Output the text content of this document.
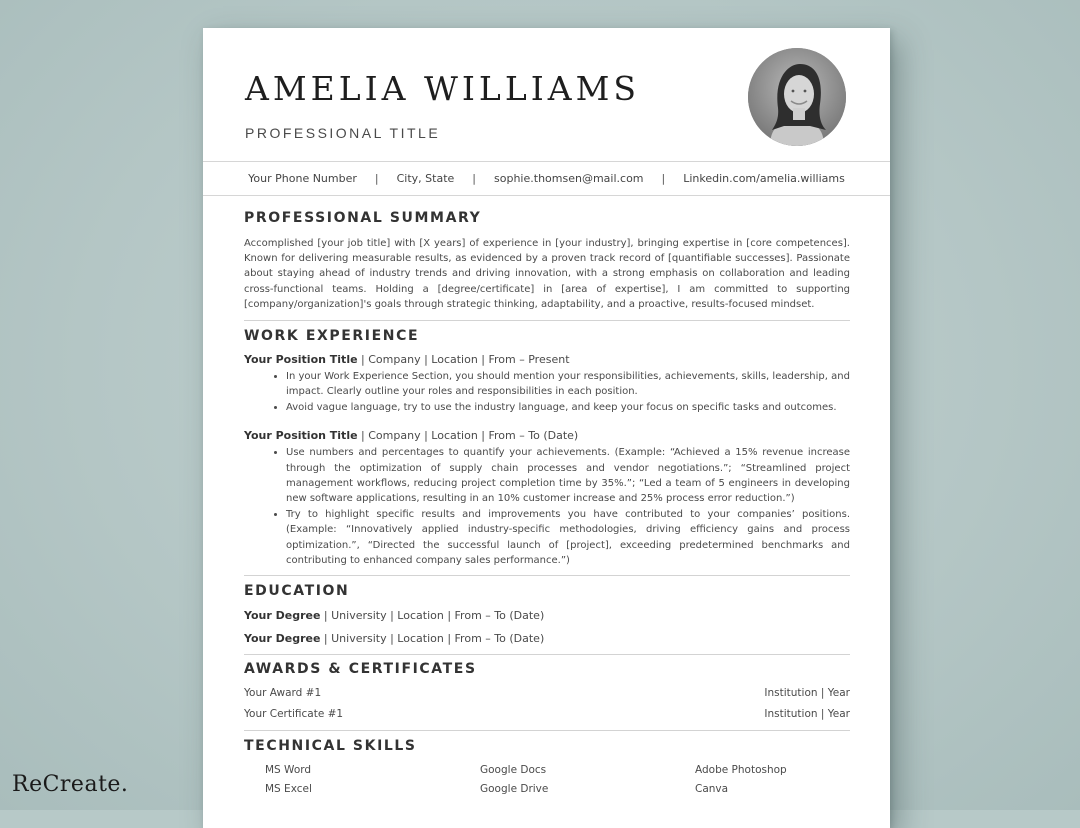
AMELIA WILLIAMS
PROFESSIONAL TITLE
Your Phone Number | City, State | sophie.thomsen@mail.com | Linkedin.com/amelia.williams
PROFESSIONAL SUMMARY

Accomplished [your job title] with [X years] of experience in [your industry], bringing expertise in [core competences]. Known for delivering measurable results, as evidenced by a proven track record of [quantifiable successes]. Passionate about staying ahead of industry trends and driving innovation, with a strong emphasis on collaboration and leading cross-functional teams. Holding a [degree/certificate] in [area of expertise], I am committed to supporting [company/organization]'s goals through strategic thinking, adaptability, and a proactive, results-focused mindset.

WORK EXPERIENCE
Your Position Title | Company | Location | From – Present
• In your Work Experience Section, you should mention your responsibilities, achievements, skills, leadership, and impact. Clearly outline your roles and responsibilities in each position.
• Avoid vague language, try to use the industry language, and keep your focus on specific tasks and outcomes.
Your Position Title | Company | Location | From – To (Date)
• Use numbers and percentages to quantify your achievements. (Example: “Achieved a 15% revenue increase through the optimization of supply chain processes and vendor negotiations.”; “Streamlined project management workflows, reducing project completion time by 35%.”; “Led a team of 5 engineers in developing new software applications, resulting in an 10% customer increase and 25% process error reduction.”)
• Try to highlight specific results and improvements you have contributed to your companies’ positions. (Example: “Innovatively applied industry-specific methodologies, driving efficiency gains and process optimization.”, “Directed the successful launch of [project], exceeding predetermined benchmarks and contributing to enhanced company sales performance.”)
EDUCATION
Your Degree | University | Location | From – To (Date)
Your Degree | University | Location | From – To (Date)
AWARDS & CERTIFICATES
Your Award #1	Institution | Year
Your Certificate #1	Institution | Year
TECHNICAL SKILLS
MS Word	Google Docs	Adobe Photoshop
MS Excel	Google Drive	Canva
ReCreate.
